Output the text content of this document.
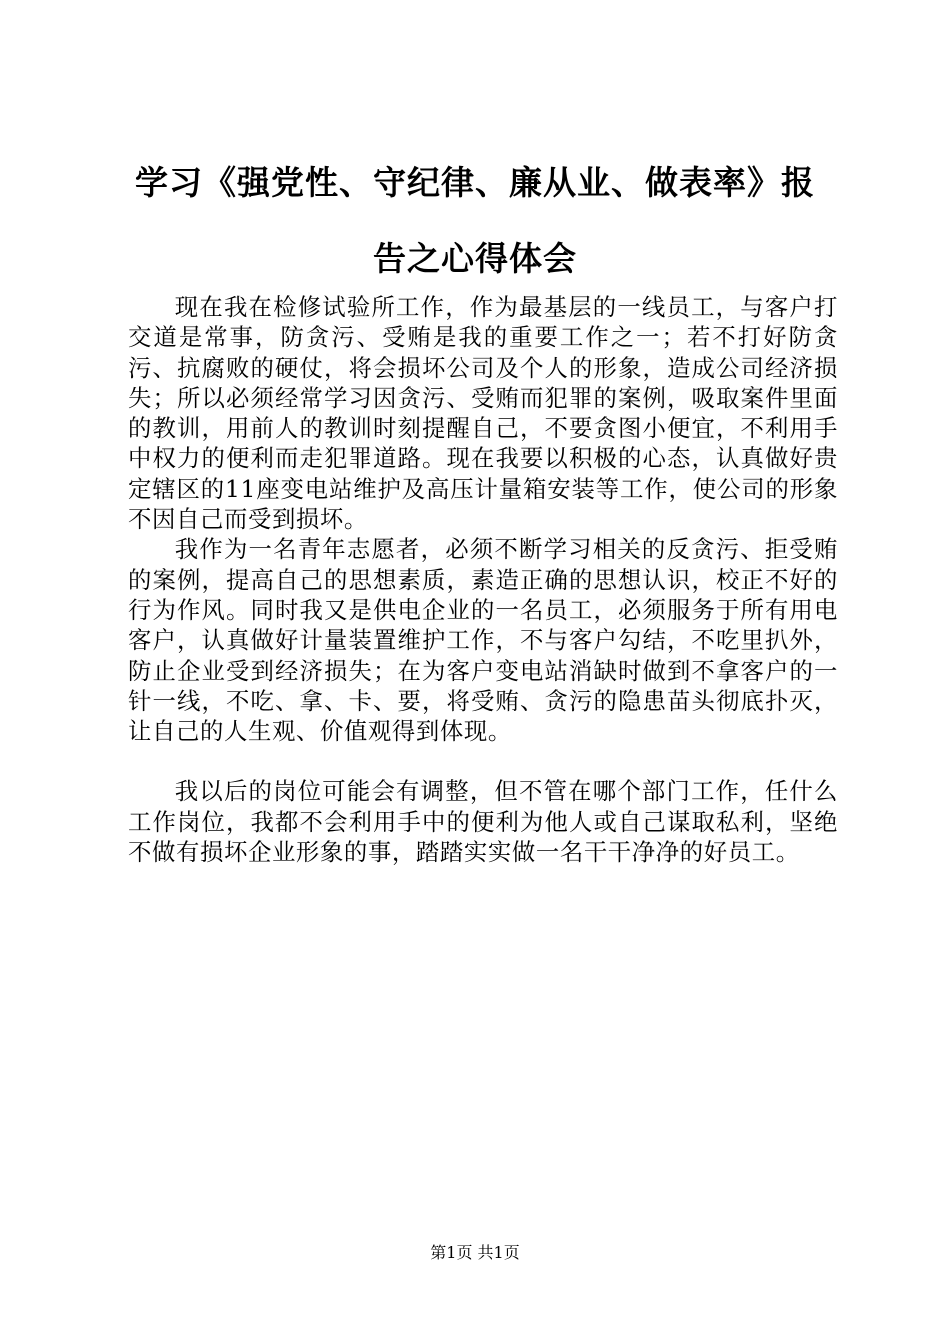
学习《强党性、守纪律、廉从业、做表率》报
告之心得体会

现在我在检修试验所工作，作为最基层的一线员工，与客户打交道是常事，防贪污、受贿是我的重要工作之一；若不打好防贪污、抗腐败的硬仗，将会损坏公司及个人的形象，造成公司经济损失；所以必须经常学习因贪污、受贿而犯罪的案例，吸取案件里面的教训，用前人的教训时刻提醒自己，不要贪图小便宜，不利用手中权力的便利而走犯罪道路。现在我要以积极的心态，认真做好贵定辖区的11座变电站维护及高压计量箱安装等工作，使公司的形象不因自己而受到损坏。

我作为一名青年志愿者，必须不断学习相关的反贪污、拒受贿的案例，提高自己的思想素质，素造正确的思想认识，校正不好的行为作风。同时我又是供电企业的一名员工，必须服务于所有用电客户，认真做好计量装置维护工作，不与客户勾结，不吃里扒外，防止企业受到经济损失；在为客户变电站消缺时做到不拿客户的一针一线，不吃、拿、卡、要，将受贿、贪污的隐患苗头彻底扑灭，让自己的人生观、价值观得到体现。

我以后的岗位可能会有调整，但不管在哪个部门工作，任什么工作岗位，我都不会利用手中的便利为他人或自己谋取私利，坚绝不做有损坏企业形象的事，踏踏实实做一名干干净净的好员工。

第1页 共1页
